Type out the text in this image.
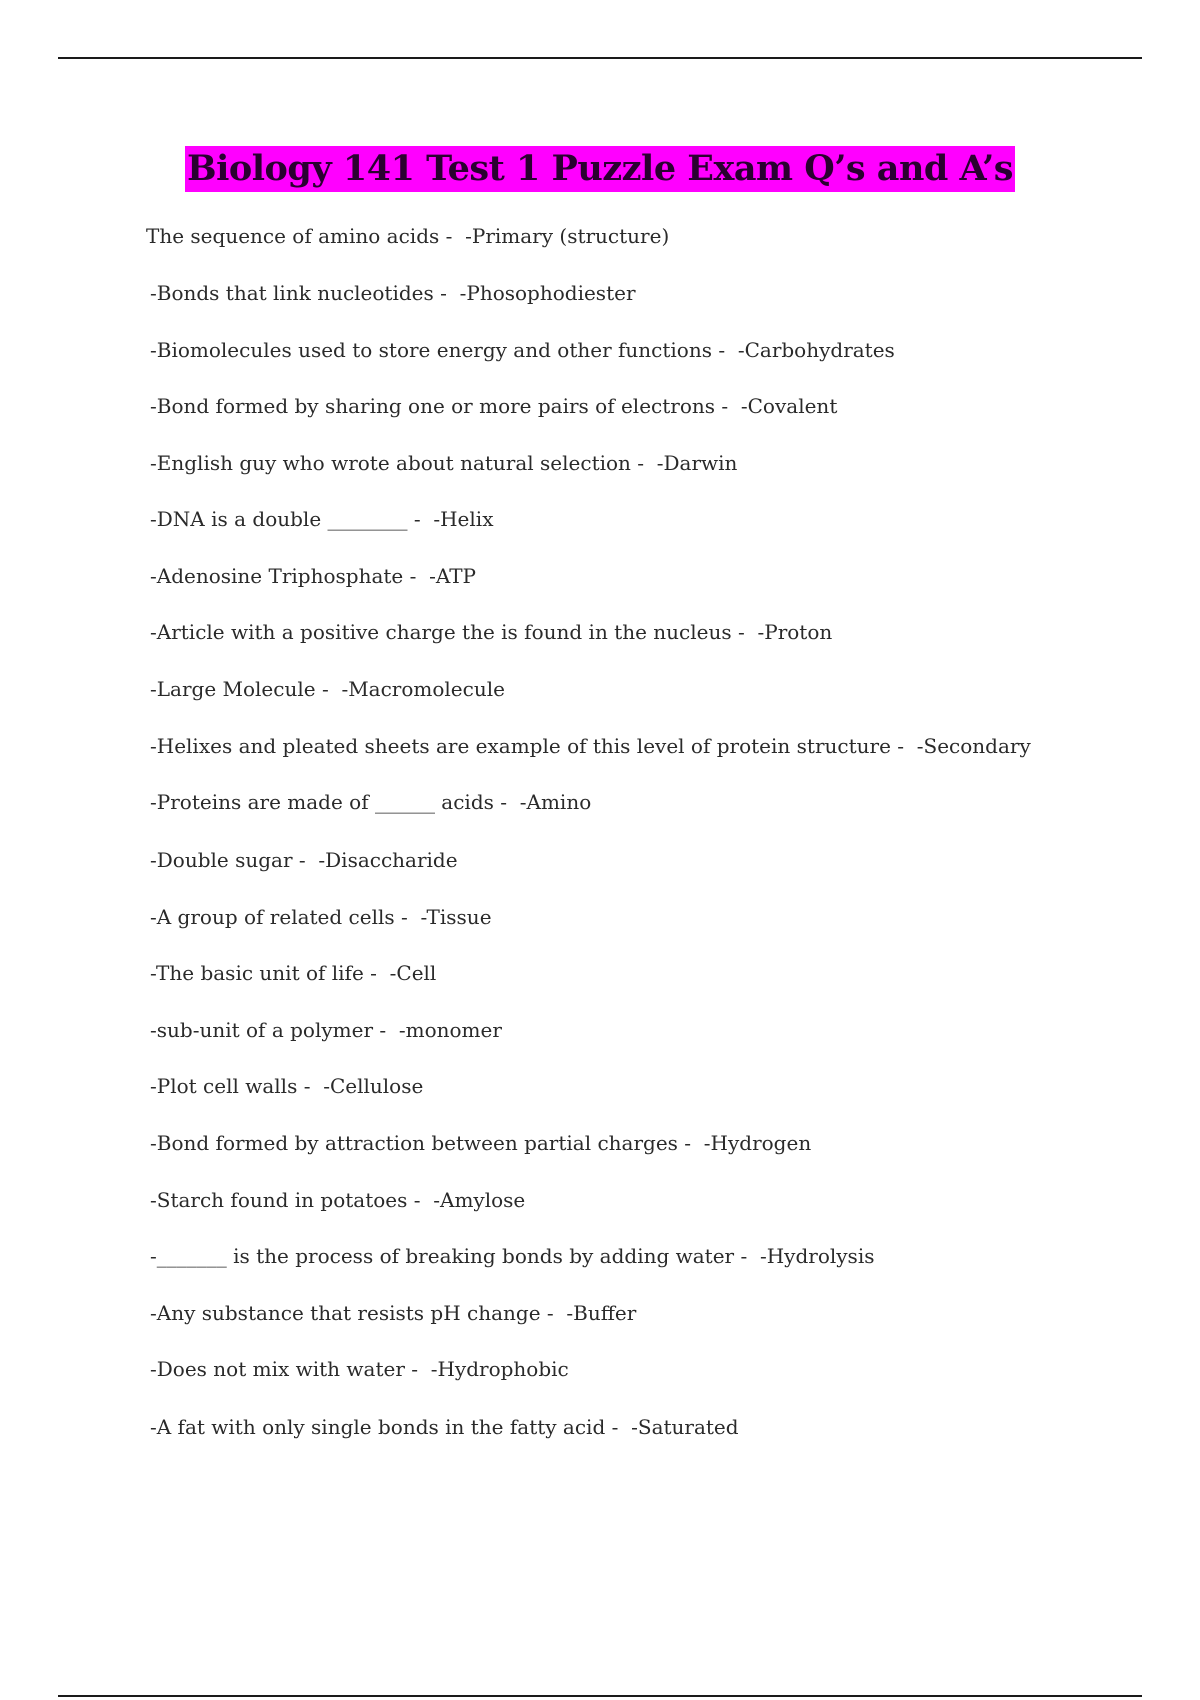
Biology 141 Test 1 Puzzle Exam Q’s and A’s
The sequence of amino acids -  -Primary (structure)
-Bonds that link nucleotides -  -Phosophodiester
-Biomolecules used to store energy and other functions -  -Carbohydrates
-Bond formed by sharing one or more pairs of electrons -  -Covalent
-English guy who wrote about natural selection -  -Darwin
-DNA is a double ________ -  -Helix
-Adenosine Triphosphate -  -ATP
-Article with a positive charge the is found in the nucleus -  -Proton
-Large Molecule -  -Macromolecule
-Helixes and pleated sheets are example of this level of protein structure -  -Secondary
-Proteins are made of ______ acids -  -Amino
-Double sugar -  -Disaccharide
-A group of related cells -  -Tissue
-The basic unit of life -  -Cell
-sub-unit of a polymer -  -monomer
-Plot cell walls -  -Cellulose
-Bond formed by attraction between partial charges -  -Hydrogen
-Starch found in potatoes -  -Amylose
-_______ is the process of breaking bonds by adding water -  -Hydrolysis
-Any substance that resists pH change -  -Buffer
-Does not mix with water -  -Hydrophobic
-A fat with only single bonds in the fatty acid -  -Saturated
